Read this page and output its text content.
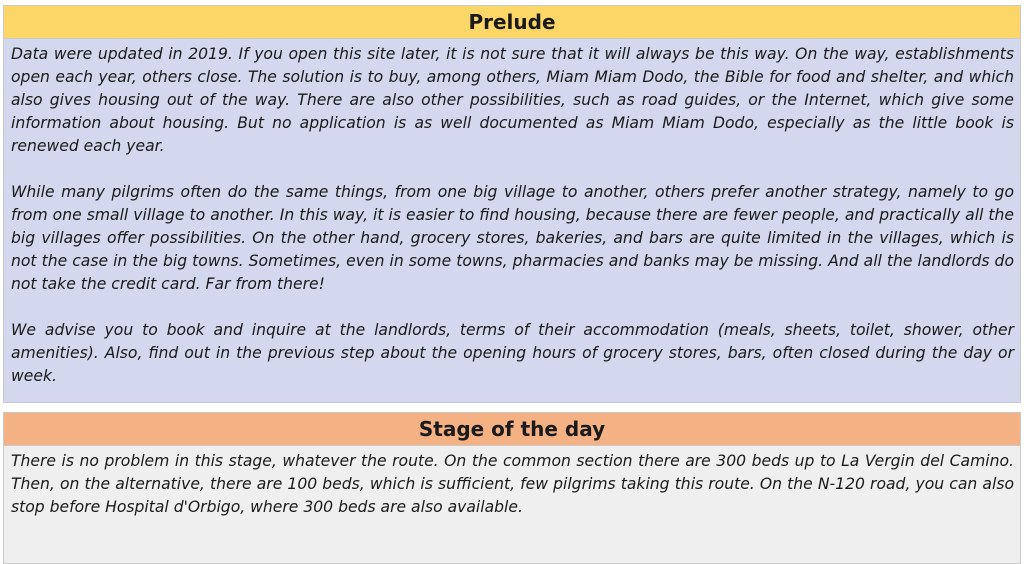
Prelude

Data were updated in 2019. If you open this site later, it is not sure that it will always be this way. On the way, establishments open each year, others close. The solution is to buy, among others, Miam Miam Dodo, the Bible for food and shelter, and which also gives housing out of the way. There are also other possibilities, such as road guides, or the Internet, which give some information about housing. But no application is as well documented as Miam Miam Dodo, especially as the little book is renewed each year.

While many pilgrims often do the same things, from one big village to another, others prefer another strategy, namely to go from one small village to another. In this way, it is easier to find housing, because there are fewer people, and practically all the big villages offer possibilities. On the other hand, grocery stores, bakeries, and bars are quite limited in the villages, which is not the case in the big towns. Sometimes, even in some towns, pharmacies and banks may be missing. And all the landlords do not take the credit card. Far from there!

We advise you to book and inquire at the landlords, terms of their accommodation (meals, sheets, toilet, shower, other amenities). Also, find out in the previous step about the opening hours of grocery stores, bars, often closed during the day or week.

Stage of the day

There is no problem in this stage, whatever the route. On the common section there are 300 beds up to La Vergin del Camino. Then, on the alternative, there are 100 beds, which is sufficient, few pilgrims taking this route. On the N-120 road, you can also stop before Hospital d'Orbigo, where 300 beds are also available.
